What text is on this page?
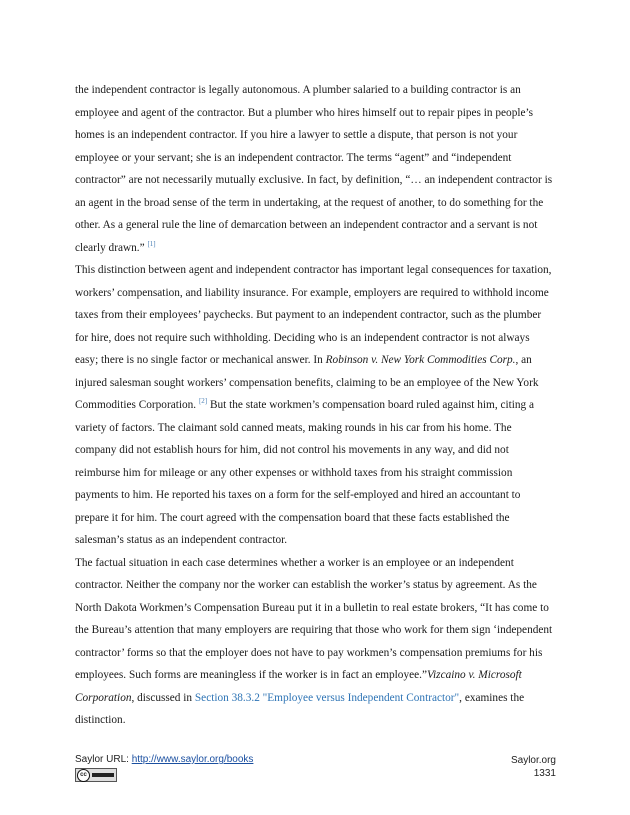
the independent contractor is legally autonomous. A plumber salaried to a building contractor is an employee and agent of the contractor. But a plumber who hires himself out to repair pipes in people’s homes is an independent contractor. If you hire a lawyer to settle a dispute, that person is not your employee or your servant; she is an independent contractor. The terms “agent” and “independent contractor” are not necessarily mutually exclusive. In fact, by definition, “… an independent contractor is an agent in the broad sense of the term in undertaking, at the request of another, to do something for the other. As a general rule the line of demarcation between an independent contractor and a servant is not clearly drawn.” [1]

This distinction between agent and independent contractor has important legal consequences for taxation, workers’ compensation, and liability insurance. For example, employers are required to withhold income taxes from their employees’ paychecks. But payment to an independent contractor, such as the plumber for hire, does not require such withholding. Deciding who is an independent contractor is not always easy; there is no single factor or mechanical answer. In Robinson v. New York Commodities Corp., an injured salesman sought workers’ compensation benefits, claiming to be an employee of the New York Commodities Corporation. [2] But the state workmen’s compensation board ruled against him, citing a variety of factors. The claimant sold canned meats, making rounds in his car from his home. The company did not establish hours for him, did not control his movements in any way, and did not reimburse him for mileage or any other expenses or withhold taxes from his straight commission payments to him. He reported his taxes on a form for the self-employed and hired an accountant to prepare it for him. The court agreed with the compensation board that these facts established the salesman’s status as an independent contractor.

The factual situation in each case determines whether a worker is an employee or an independent contractor. Neither the company nor the worker can establish the worker’s status by agreement. As the North Dakota Workmen’s Compensation Bureau put it in a bulletin to real estate brokers, “It has come to the Bureau’s attention that many employers are requiring that those who work for them sign ‘independent contractor’ forms so that the employer does not have to pay workmen’s compensation premiums for his employees. Such forms are meaningless if the worker is in fact an employee.”Vizcaino v. Microsoft Corporation, discussed in Section 38.3.2 "Employee versus Independent Contractor", examines the distinction.

Saylor URL: http://www.saylor.org/books	Saylor.org
1331
cc
